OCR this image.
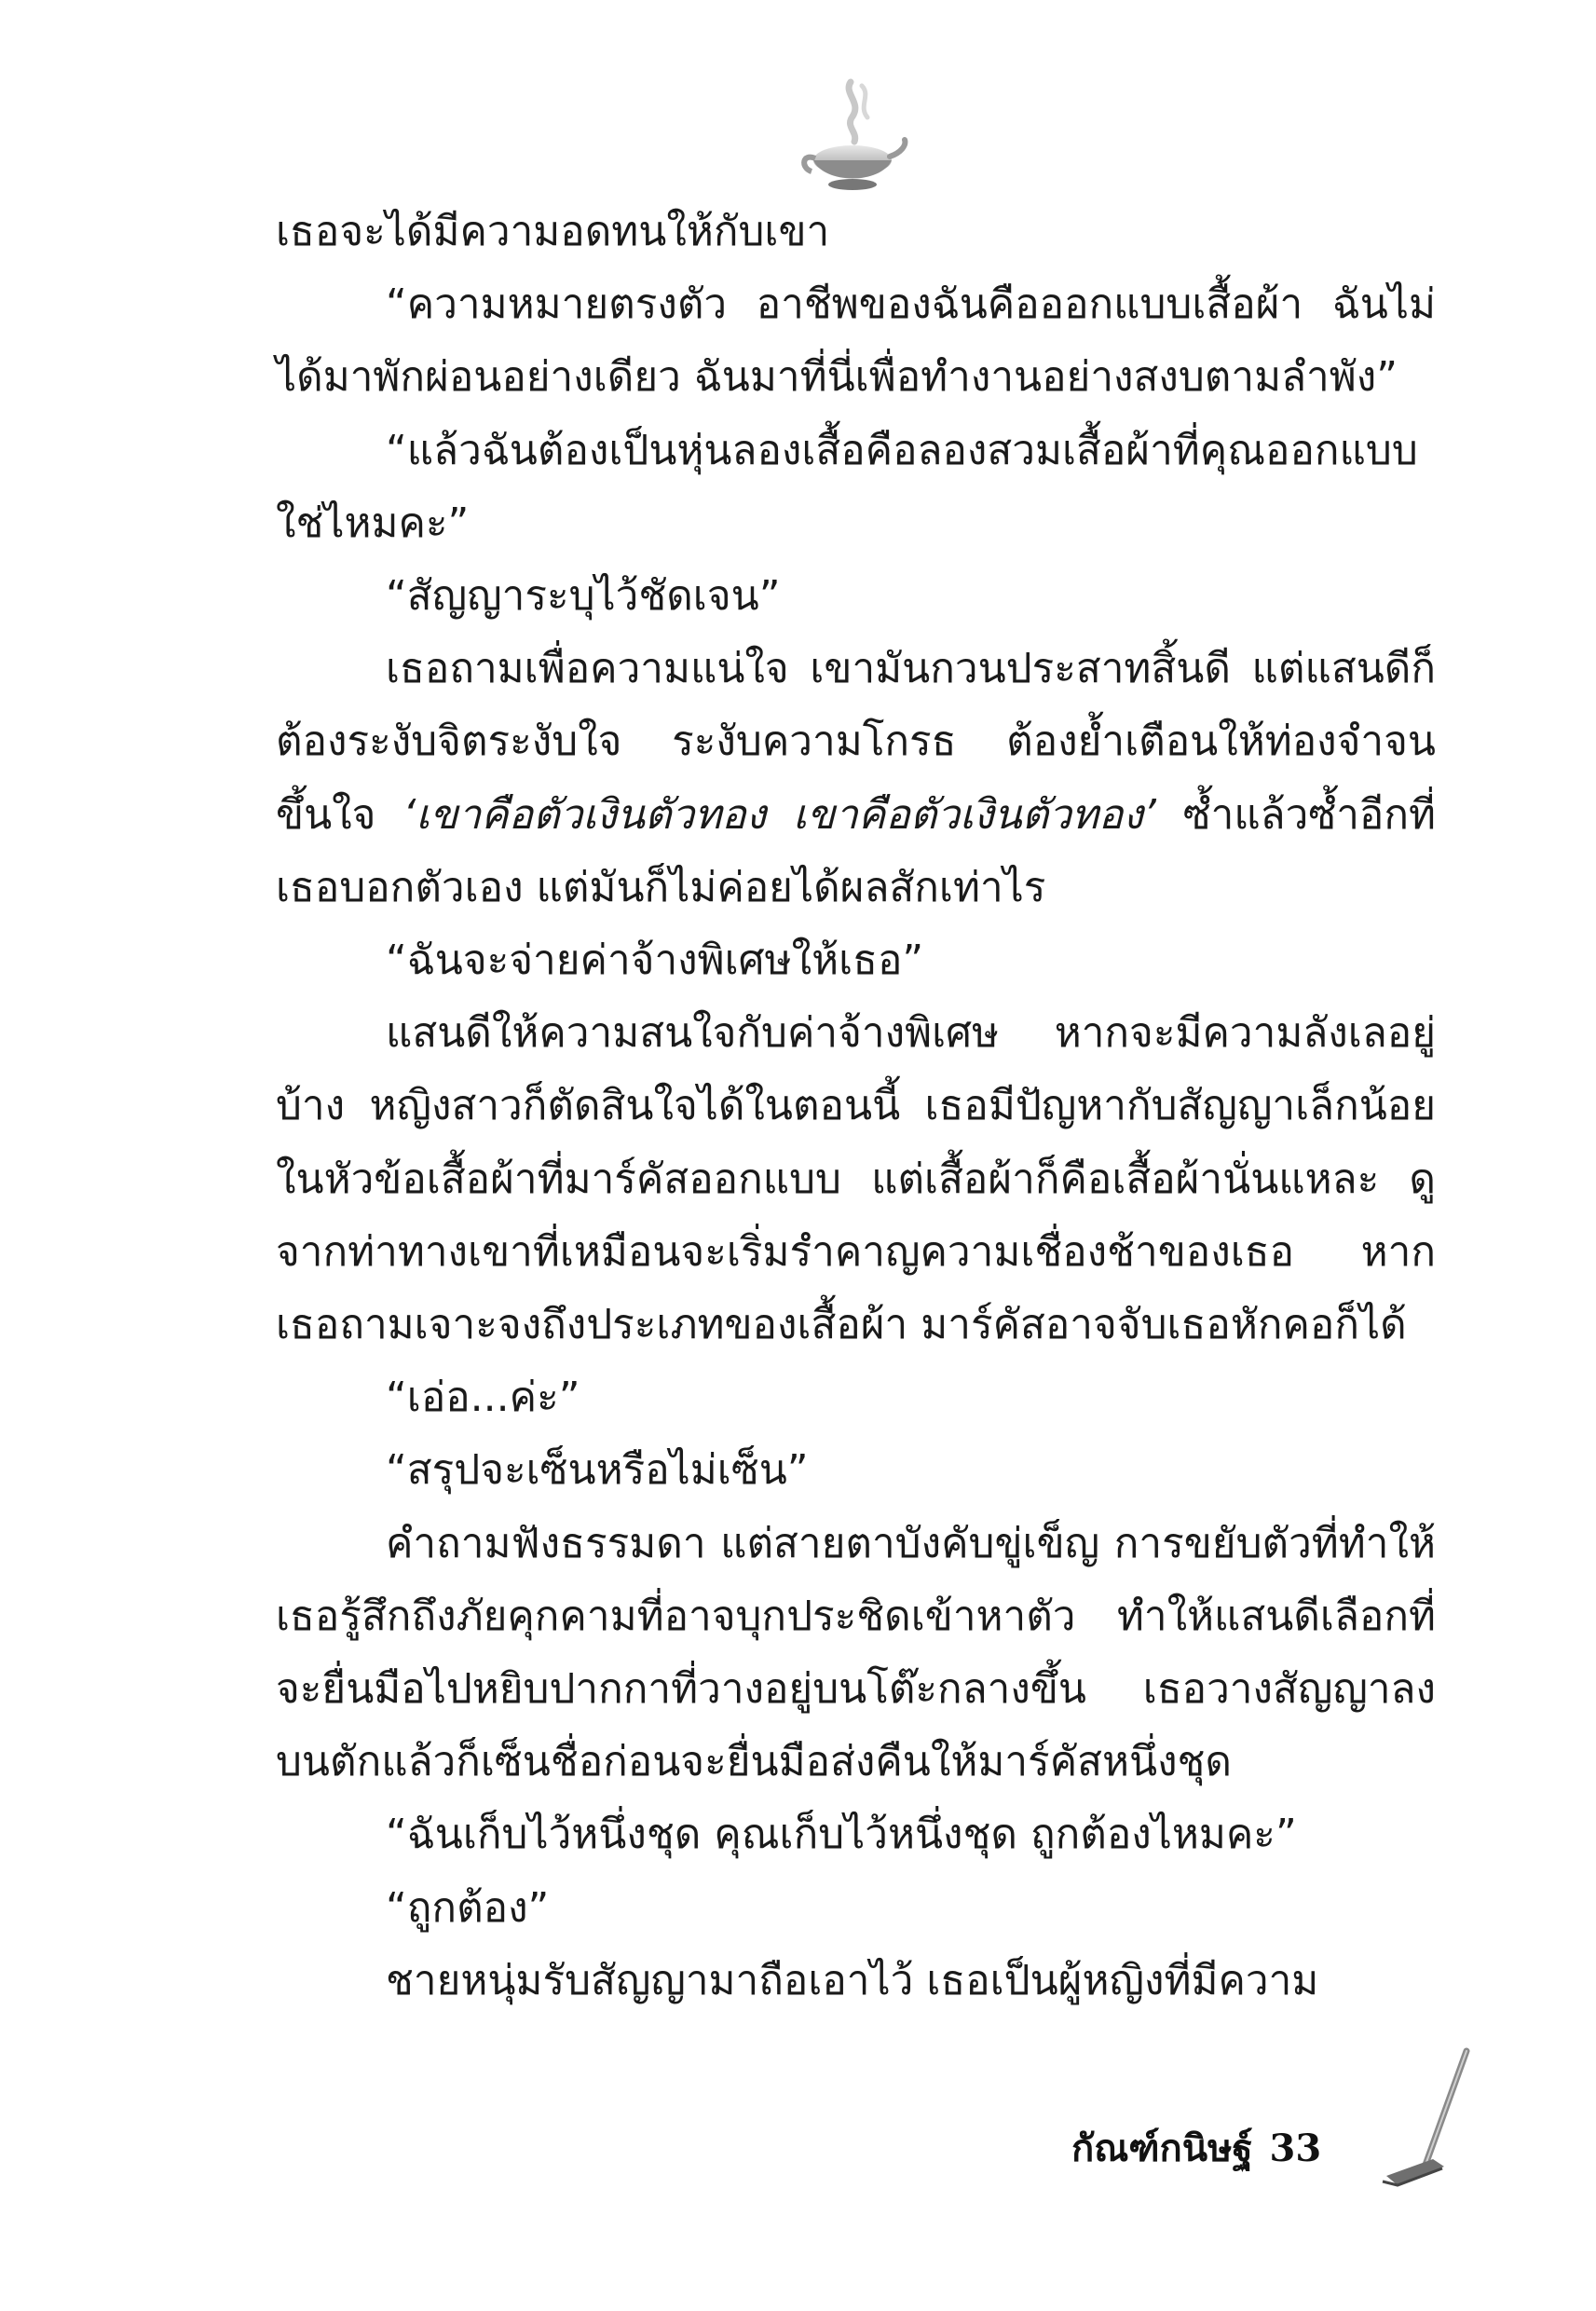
เธอจะได้มีความอดทนให้กับเขา

“ความหมายตรงตัว อาชีพของฉันคือออกแบบเสื้อผ้า ฉันไม่ได้มาพักผ่อนอย่างเดียว ฉันมาที่นี่เพื่อทำงานอย่างสงบตามลำพัง”

“แล้วฉันต้องเป็นหุ่นลองเสื้อคือลองสวมเสื้อผ้าที่คุณออกแบบใช่ไหมคะ”

“สัญญาระบุไว้ชัดเจน”

เธอถามเพื่อความแน่ใจ เขามันกวนประสาทสิ้นดี แต่แสนดีก็ต้องระงับจิตระงับใจ ระงับความโกรธ ต้องย้ำเตือนให้ท่องจำจนขึ้นใจ ‘เขาคือตัวเงินตัวทอง เขาคือตัวเงินตัวทอง’ ซ้ำแล้วซ้ำอีกที่เธอบอกตัวเอง แต่มันก็ไม่ค่อยได้ผลสักเท่าไร

“ฉันจะจ่ายค่าจ้างพิเศษให้เธอ”

แสนดีให้ความสนใจกับค่าจ้างพิเศษ หากจะมีความลังเลอยู่บ้าง หญิงสาวก็ตัดสินใจได้ในตอนนี้ เธอมีปัญหากับสัญญาเล็กน้อย ในหัวข้อเสื้อผ้าที่มาร์คัสออกแบบ แต่เสื้อผ้าก็คือเสื้อผ้านั่นแหละ ดูจากท่าทางเขาที่เหมือนจะเริ่มรำคาญความเชื่องช้าของเธอ หากเธอถามเจาะจงถึงประเภทของเสื้อผ้า มาร์คัสอาจจับเธอหักคอก็ได้

“เอ่อ...ค่ะ”

“สรุปจะเซ็นหรือไม่เซ็น”

คำถามฟังธรรมดา แต่สายตาบังคับขู่เข็ญ การขยับตัวที่ทำให้เธอรู้สึกถึงภัยคุกคามที่อาจบุกประชิดเข้าหาตัว ทำให้แสนดีเลือกที่จะยื่นมือไปหยิบปากกาที่วางอยู่บนโต๊ะกลางขึ้น เธอวางสัญญาลงบนตักแล้วก็เซ็นชื่อก่อนจะยื่นมือส่งคืนให้มาร์คัสหนึ่งชุด

“ฉันเก็บไว้หนึ่งชุด คุณเก็บไว้หนึ่งชุด ถูกต้องไหมคะ”

“ถูกต้อง”

ชายหนุ่มรับสัญญามาถือเอาไว้ เธอเป็นผู้หญิงที่มีความ

กัณฑ์กนิษฐ์ 33
